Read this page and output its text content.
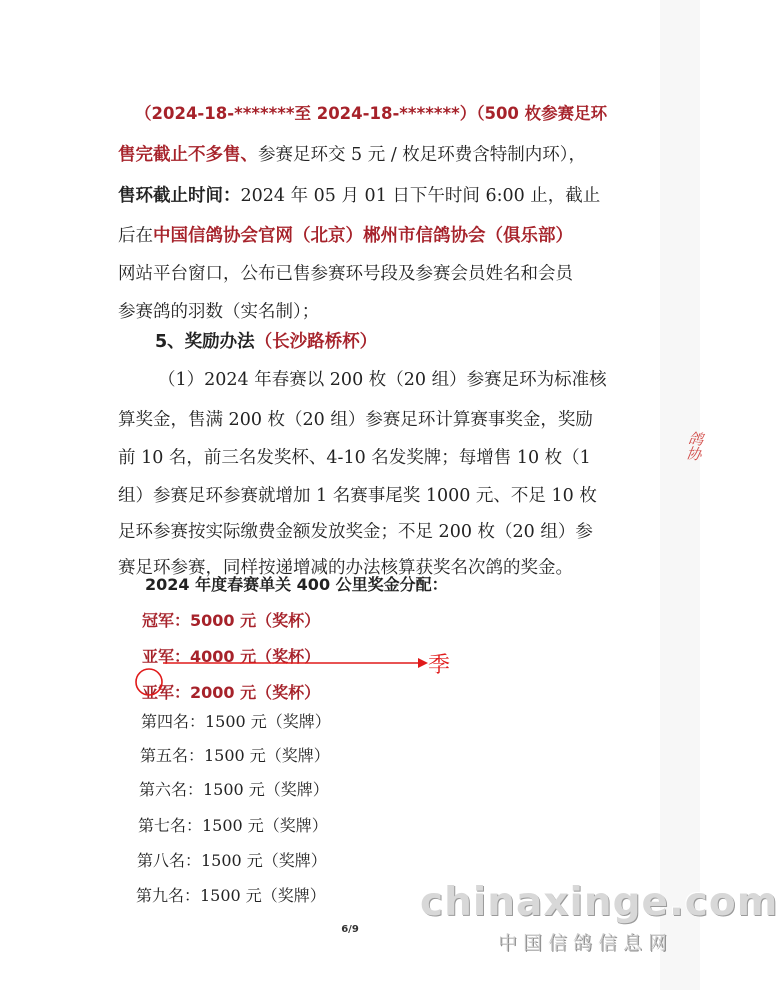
鸽协
（2024-18-*******至 2024-18-*******）（500 枚参赛足环
售完截止不多售、参赛足环交 5 元 / 枚足环费含特制内环），
售环截止时间：2024 年 05 月 01 日下午时间 6:00 止，截止
后在中国信鸽协会官网（北京）郴州市信鸽协会（俱乐部）
网站平台窗口，公布已售参赛环号段及参赛会员姓名和会员
参赛鸽的羽数（实名制）；
5、奖励办法（长沙路桥杯）
（1）2024 年春赛以 200 枚（20 组）参赛足环为标准核
算奖金，售满 200 枚（20 组）参赛足环计算赛事奖金，奖励
前 10 名，前三名发奖杯、4-10 名发奖牌；每增售 10 枚（1
组）参赛足环参赛就增加 1 名赛事尾奖 1000 元、不足 10 枚
足环参赛按实际缴费金额发放奖金；不足 200 枚（20 组）参
赛足环参赛，同样按递增减的办法核算获奖名次鸽的奖金。
2024 年度春赛单关 400 公里奖金分配：
冠军：5000 元（奖杯）
亚军：4000 元（奖杯）
亚军：2000 元（奖杯）
第四名：1500 元（奖牌）
第五名：1500 元（奖牌）
第六名：1500 元（奖牌）
第七名：1500 元（奖牌）
第八名：1500 元（奖牌）
第九名：1500 元（奖牌）
季
6/9
chinaxinge.com
中国信鸽信息网
